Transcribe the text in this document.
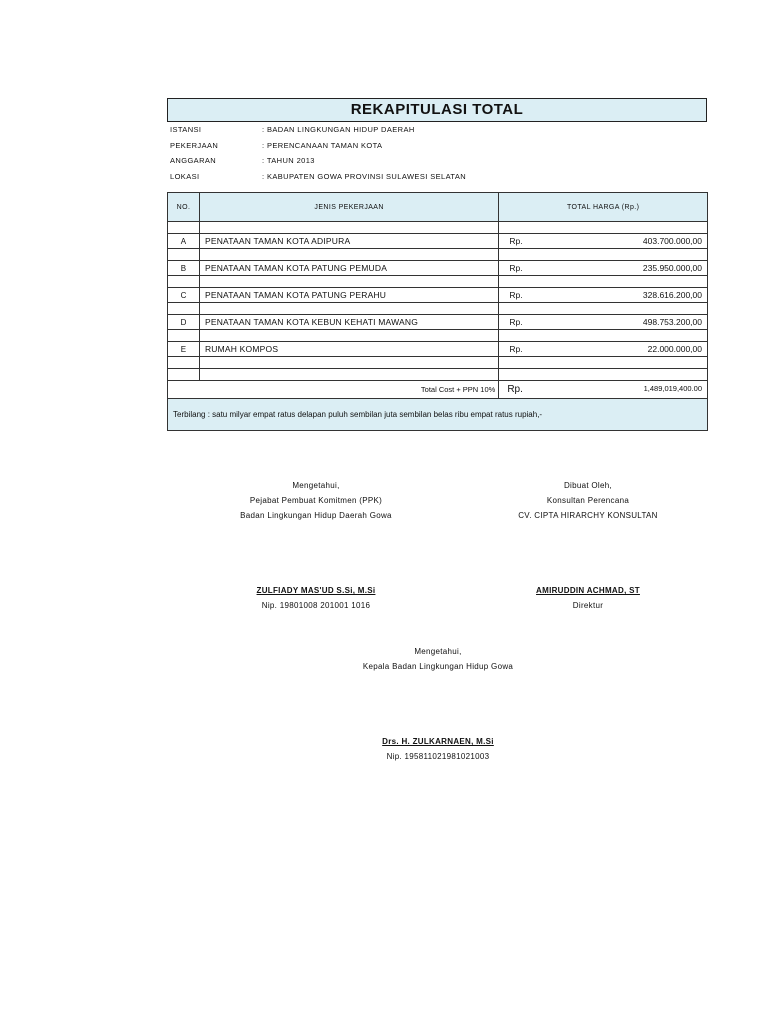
REKAPITULASI TOTAL
ISTANSI	: BADAN LINGKUNGAN HIDUP DAERAH
PEKERJAAN	: PERENCANAAN TAMAN KOTA
ANGGARAN	: TAHUN 2013
LOKASI	: KABUPATEN GOWA PROVINSI SULAWESI SELATAN
NO.	JENIS PEKERJAAN	TOTAL HARGA (Rp.)

A	PENATAAN TAMAN KOTA ADIPURA	Rp. 403.700.000,00

B	PENATAAN TAMAN KOTA PATUNG PEMUDA	Rp. 235.950.000,00

C	PENATAAN TAMAN KOTA PATUNG PERAHU	Rp. 328.616.200,00

D	PENATAAN TAMAN KOTA KEBUN KEHATI MAWANG	Rp. 498.753.200,00

E	RUMAH KOMPOS	Rp. 22.000.000,00

Total Cost + PPN 10%		Rp. 1,489,019,400.00

Terbilang : satu milyar empat ratus delapan puluh sembilan juta sembilan belas ribu empat ratus rupiah,-		
Mengetahui,
Pejabat Pembuat Komitmen (PPK)
Badan Lingkungan Hidup Daerah Gowa
ZULFIADY MAS'UD S.Si, M.Si
Nip. 19801008 201001 1016
Dibuat Oleh,
Konsultan Perencana
CV. CIPTA HIRARCHY KONSULTAN
AMIRUDDIN ACHMAD, ST
Direktur
Mengetahui,
Kepala Badan Lingkungan Hidup Gowa
Drs. H. ZULKARNAEN, M.Si
Nip. 195811021981021003
